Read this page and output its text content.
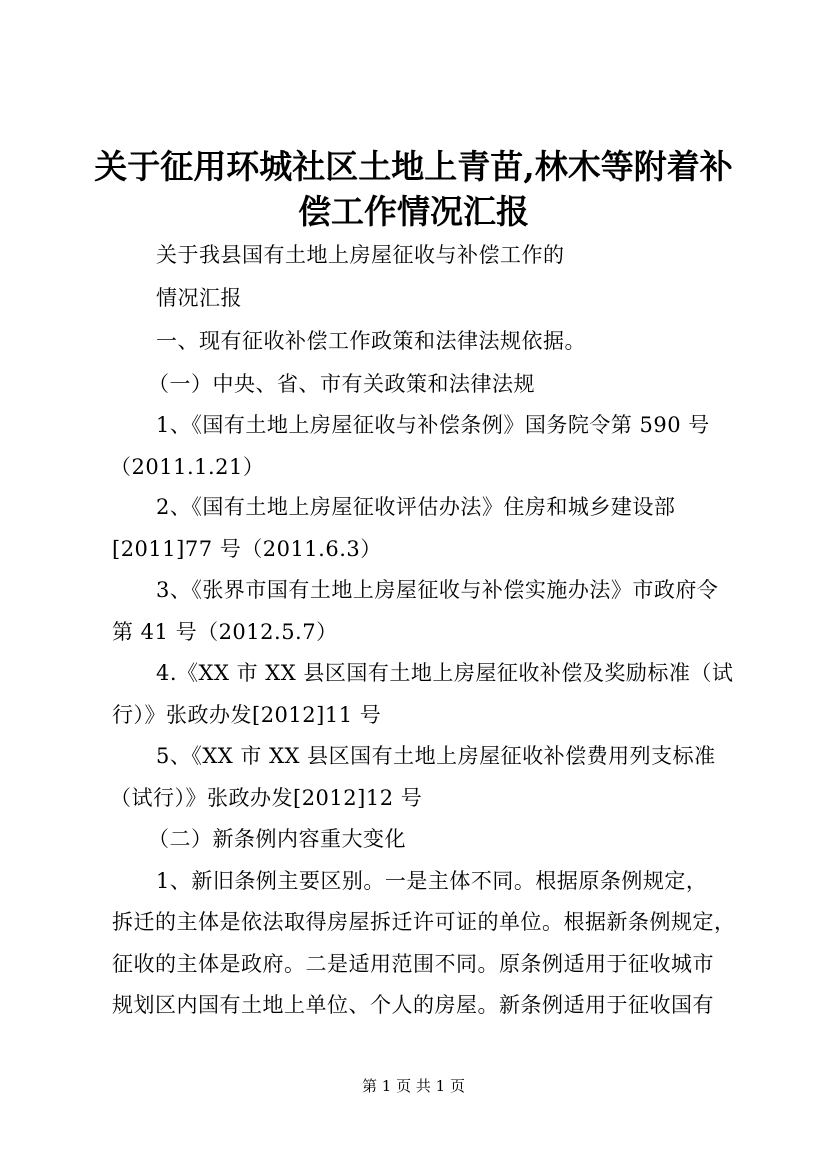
关于征用环城社区土地上青苗,林木等附着补
偿工作情况汇报
关于我县国有土地上房屋征收与补偿工作的
情况汇报
一、现有征收补偿工作政策和法律法规依据。
（一）中央、省、市有关政策和法律法规
1、《国有土地上房屋征收与补偿条例》国务院令第 590 号
（2011.1.21）
2、《国有土地上房屋征收评估办法》住房和城乡建设部
[2011]77 号（2011.6.3）
3、《张界市国有土地上房屋征收与补偿实施办法》市政府令
第 41 号（2012.5.7）
4.《XX 市 XX 县区国有土地上房屋征收补偿及奖励标准（试
行）》张政办发[2012]11 号
5、《XX 市 XX 县区国有土地上房屋征收补偿费用列支标准
（试行）》张政办发[2012]12 号
（二）新条例内容重大变化
1、新旧条例主要区别。一是主体不同。根据原条例规定，
拆迁的主体是依法取得房屋拆迁许可证的单位。根据新条例规定，
征收的主体是政府。二是适用范围不同。原条例适用于征收城市
规划区内国有土地上单位、个人的房屋。新条例适用于征收国有
第 1 页 共 1 页
